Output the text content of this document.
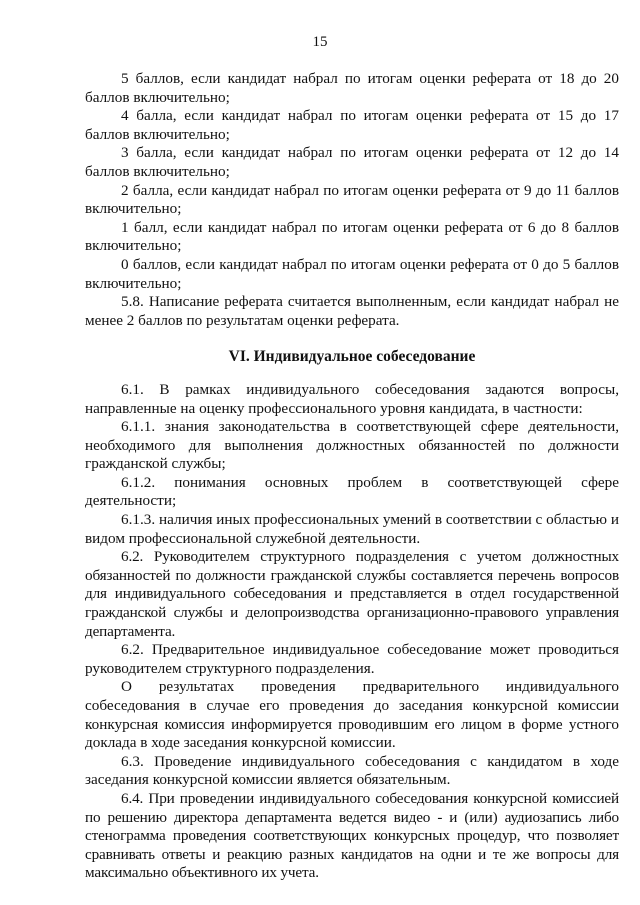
15

5 баллов, если кандидат набрал по итогам оценки реферата от 18 до 20 баллов включительно;

4 балла, если кандидат набрал по итогам оценки реферата от 15 до 17 баллов включительно;

3 балла, если кандидат набрал по итогам оценки реферата от 12 до 14 баллов включительно;

2 балла, если кандидат набрал по итогам оценки реферата от 9 до 11 баллов включительно;

1 балл, если кандидат набрал по итогам оценки реферата от 6 до 8 баллов включительно;

0 баллов, если кандидат набрал по итогам оценки реферата от 0 до 5 баллов включительно;

5.8. Написание реферата считается выполненным, если кандидат набрал не менее 2 баллов по результатам оценки реферата.

VI. Индивидуальное собеседование

6.1. В рамках индивидуального собеседования задаются вопросы, направленные на оценку профессионального уровня кандидата, в частности:

6.1.1. знания законодательства в соответствующей сфере деятельности, необходимого для выполнения должностных обязанностей по должности гражданской службы;

6.1.2. понимания основных проблем в соответствующей сфере деятельности;

6.1.3. наличия иных профессиональных умений в соответствии с областью и видом профессиональной служебной деятельности.

6.2. Руководителем структурного подразделения с учетом должностных обязанностей по должности гражданской службы составляется перечень вопросов для индивидуального собеседования и представляется в отдел государственной гражданской службы и делопроизводства организационно-правового управления департамента.

6.2. Предварительное индивидуальное собеседование может проводиться руководителем структурного подразделения.

О результатах проведения предварительного индивидуального собеседования в случае его проведения до заседания конкурсной комиссии конкурсная комиссия информируется проводившим его лицом в форме устного доклада в ходе заседания конкурсной комиссии.

6.3. Проведение индивидуального собеседования с кандидатом в ходе заседания конкурсной комиссии является обязательным.

6.4. При проведении индивидуального собеседования конкурсной комиссией по решению директора департамента ведется видео - и (или) аудиозапись либо стенограмма проведения соответствующих конкурсных процедур, что позволяет сравнивать ответы и реакцию разных кандидатов на одни и те же вопросы для максимально объективного их учета.
